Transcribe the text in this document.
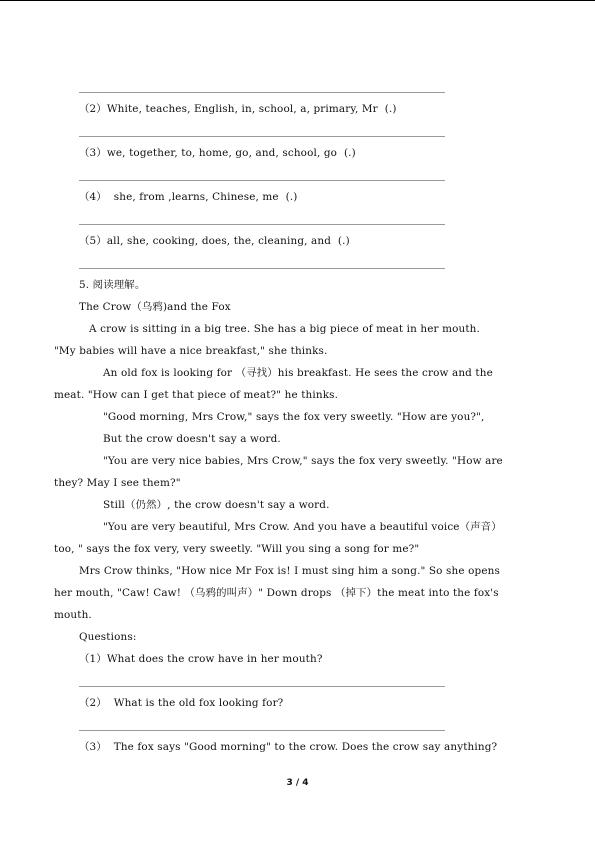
（2）White, teaches, English, in, school, a, primary, Mr  (.)
（3）we, together, to, home, go, and, school, go  (.)
（4）  she, from ,learns, Chinese, me  (.)
（5）all, she, cooking, does, the, cleaning, and  (.)
5. 阅读理解。
The Crow（乌鸦)and the Fox
A crow is sitting in a big tree. She has a big piece of meat in her mouth.
"My babies will have a nice breakfast," she thinks.
An old fox is looking for （寻找）his breakfast. He sees the crow and the
meat. "How can I get that piece of meat?" he thinks.
"Good morning, Mrs Crow," says the fox very sweetly. "How are you?",
But the crow doesn't say a word.
"You are very nice babies, Mrs Crow," says the fox very sweetly. "How are
they? May I see them?"
Still（仍然）, the crow doesn't say a word.
"You are very beautiful, Mrs Crow. And you have a beautiful voice（声音）
too, " says the fox very, very sweetly. "Will you sing a song for me?"
Mrs Crow thinks, "How nice Mr Fox is! I must sing him a song." So she opens
her mouth, "Caw! Caw! （乌鸦的叫声）" Down drops （掉下）the meat into the fox's
mouth.
Questions:
（1）What does the crow have in her mouth?
（2）  What is the old fox looking for?
（3）  The fox says "Good morning" to the crow. Does the crow say anything?
3 / 4
